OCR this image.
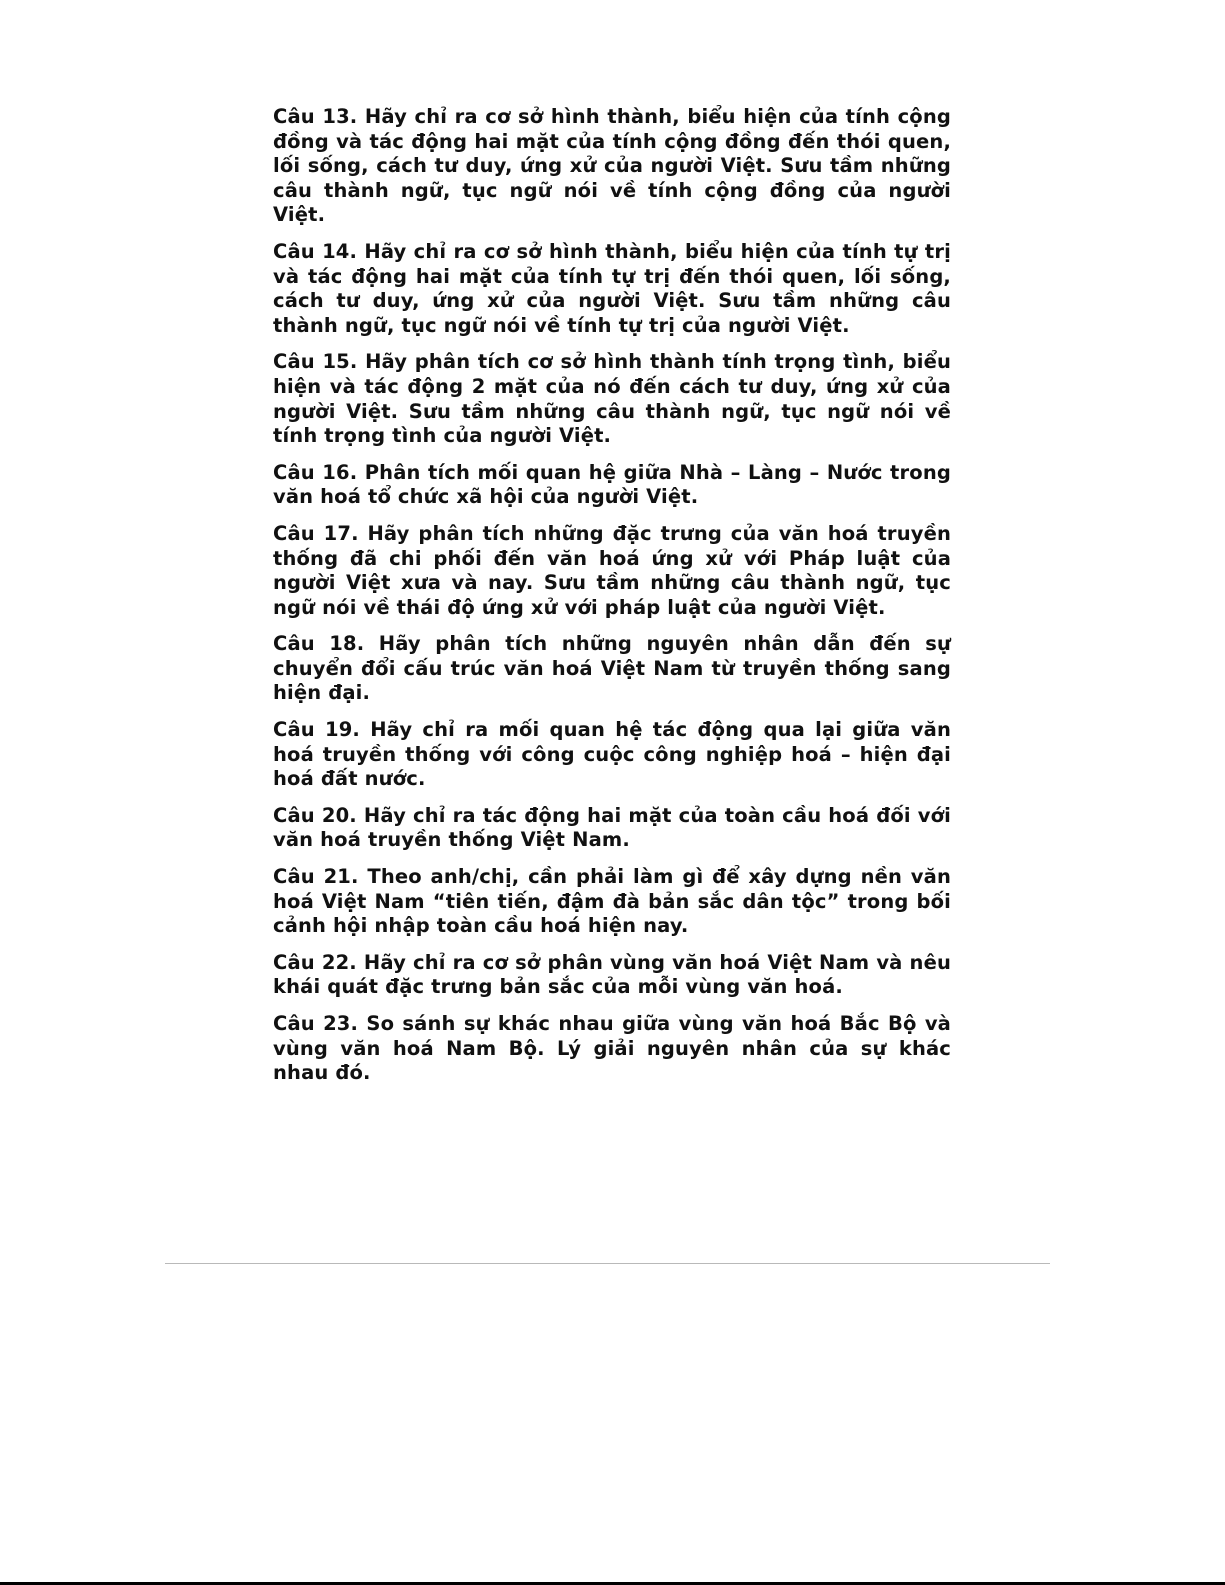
Câu 13. Hãy chỉ ra cơ sở hình thành, biểu hiện của tính cộng đồng và tác động hai mặt của tính cộng đồng đến thói quen, lối sống, cách tư duy, ứng xử của người Việt. Sưu tầm những câu thành ngữ, tục ngữ nói về tính cộng đồng của người Việt.
Câu 14. Hãy chỉ ra cơ sở hình thành, biểu hiện của tính tự trị và tác động hai mặt của tính tự trị đến thói quen, lối sống, cách tư duy, ứng xử của người Việt. Sưu tầm những câu thành ngữ, tục ngữ nói về tính tự trị của người Việt.
Câu 15. Hãy phân tích cơ sở hình thành tính trọng tình, biểu hiện và tác động 2 mặt của nó đến cách tư duy, ứng xử của người Việt. Sưu tầm những câu thành ngữ, tục ngữ nói về tính trọng tình của người Việt.
Câu 16. Phân tích mối quan hệ giữa Nhà – Làng – Nước trong văn hoá tổ chức xã hội của người Việt.
Câu 17. Hãy phân tích những đặc trưng của văn hoá truyền thống đã chi phối đến văn hoá ứng xử với Pháp luật của người Việt xưa và nay. Sưu tầm những câu thành ngữ, tục ngữ nói về thái độ ứng xử với pháp luật của người Việt.
Câu 18. Hãy phân tích những nguyên nhân dẫn đến sự chuyển đổi cấu trúc văn hoá Việt Nam từ truyền thống sang hiện đại.
Câu 19. Hãy chỉ ra mối quan hệ tác động qua lại giữa văn hoá truyền thống với công cuộc công nghiệp hoá – hiện đại hoá đất nước.
Câu 20. Hãy chỉ ra tác động hai mặt của toàn cầu hoá đối với văn hoá truyền thống Việt Nam.
Câu 21. Theo anh/chị, cần phải làm gì để xây dựng nền văn hoá Việt Nam “tiên tiến, đậm đà bản sắc dân tộc” trong bối cảnh hội nhập toàn cầu hoá hiện nay.
Câu 22. Hãy chỉ ra cơ sở phân vùng văn hoá Việt Nam và nêu khái quát đặc trưng bản sắc của mỗi vùng văn hoá.
Câu 23. So sánh sự khác nhau giữa vùng văn hoá Bắc Bộ và vùng văn hoá Nam Bộ. Lý giải nguyên nhân của sự khác nhau đó.
